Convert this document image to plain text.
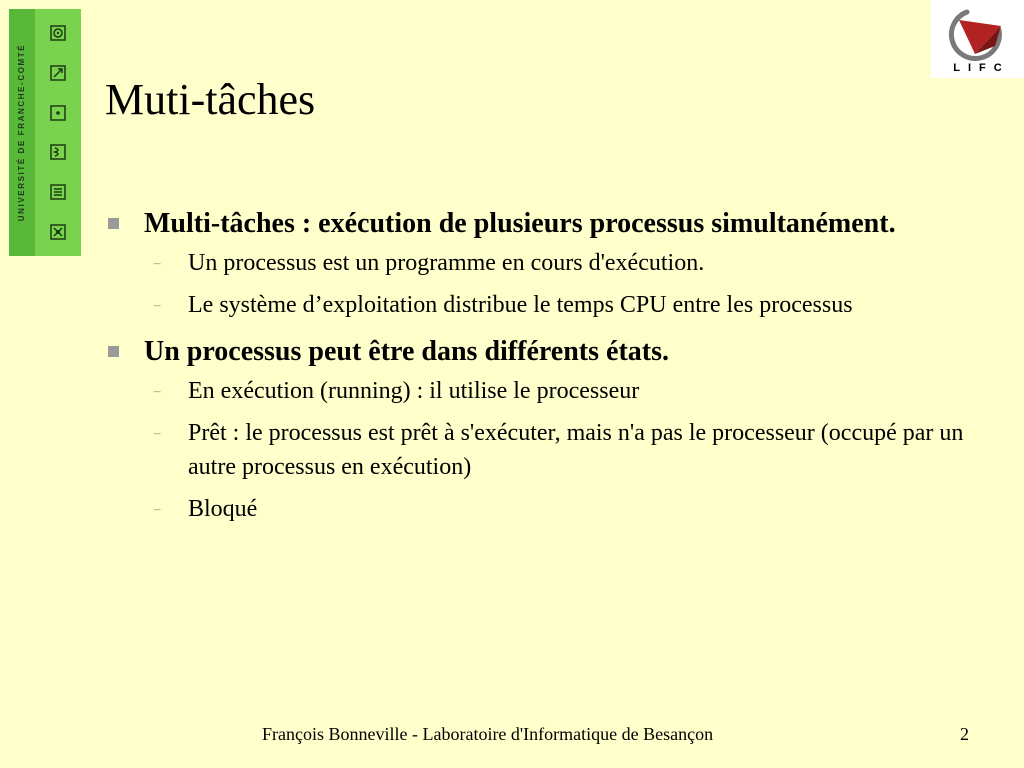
UNIVERSITÉ DE FRANCHE-COMTÉ	LIFC
Muti-tâches

Multi-tâches : exécution de plusieurs processus simultanément.

– Un processus est un programme en cours d'exécution.

– Le système d’exploitation distribue le temps CPU entre les processus

Un processus peut être dans différents états.

– En exécution (running) : il utilise le processeur

– Prêt : le processus est prêt à s'exécuter, mais n'a pas le processeur (occupé par un autre processus en exécution)

– Bloqué

François Bonneville - Laboratoire d'Informatique de Besançon	2
